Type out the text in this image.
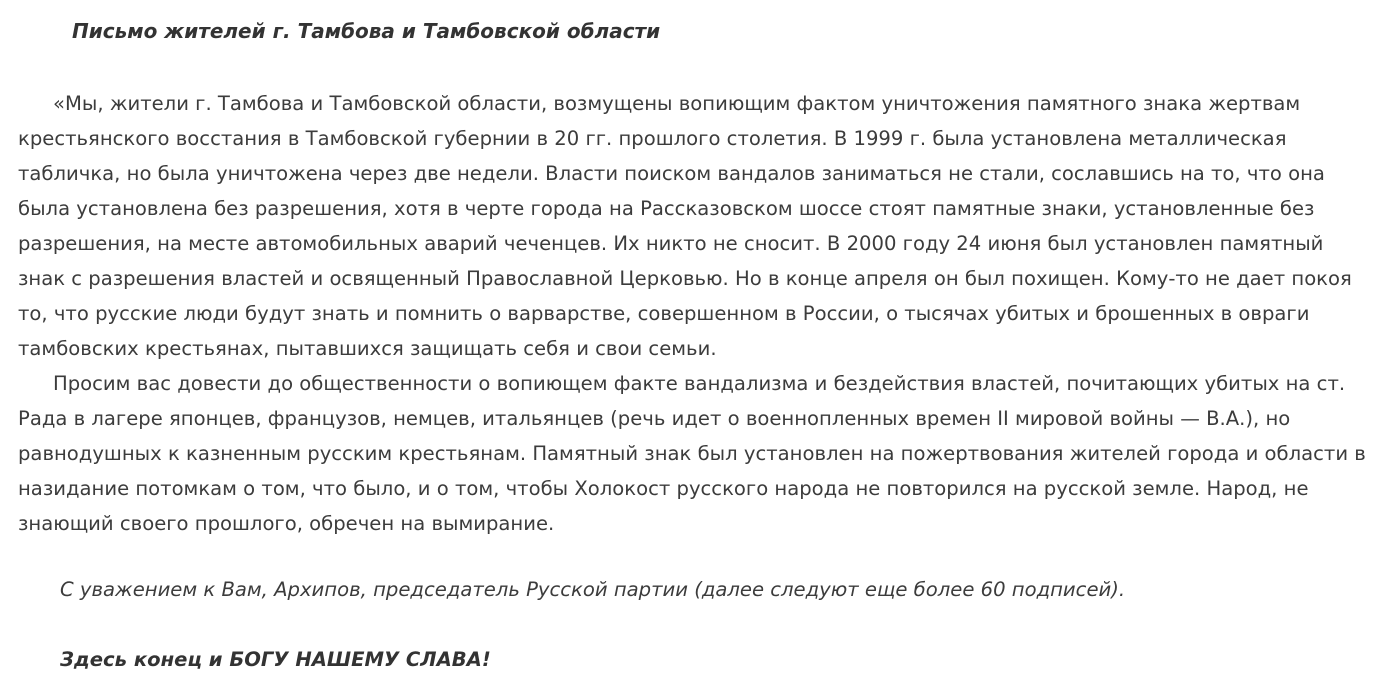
Письмо жителей г. Тамбова и Тамбовской области

«Мы, жители г. Тамбова и Тамбовской области, возмущены вопиющим фактом уничтожения памятного знака жертвам крестьянского восстания в Тамбовской губернии в 20 гг. прошлого столетия. В 1999 г. была установлена металлическая табличка, но была уничтожена через две недели. Власти поиском вандалов заниматься не стали, сославшись на то, что она была установлена без разрешения, хотя в черте города на Рассказовском шоссе стоят памятные знаки, установленные без разрешения, на месте автомобильных аварий чеченцев. Их никто не сносит. В 2000 году 24 июня был установлен памятный знак с разрешения властей и освященный Православной Церковью. Но в конце апреля он был похищен. Кому-то не дает покоя то, что русские люди будут знать и помнить о варварстве, совершенном в России, о тысячах убитых и брошенных в овраги тамбовских крестьянах, пытавшихся защищать себя и свои семьи.

Просим вас довести до общественности о вопиющем факте вандализма и бездействия властей, почитающих убитых на ст. Рада в лагере японцев, французов, немцев, итальянцев (речь идет о военнопленных времен II мировой войны — В.А.), но равнодушных к казненным русским крестьянам. Памятный знак был установлен на пожертвования жителей города и области в назидание потомкам о том, что было, и о том, чтобы Холокост русского народа не повторился на русской земле. Народ, не знающий своего прошлого, обречен на вымирание.

С уважением к Вам, Архипов, председатель Русской партии (далее следуют еще более 60 подписей).

Здесь конец и БОГУ НАШЕМУ СЛАВА!
